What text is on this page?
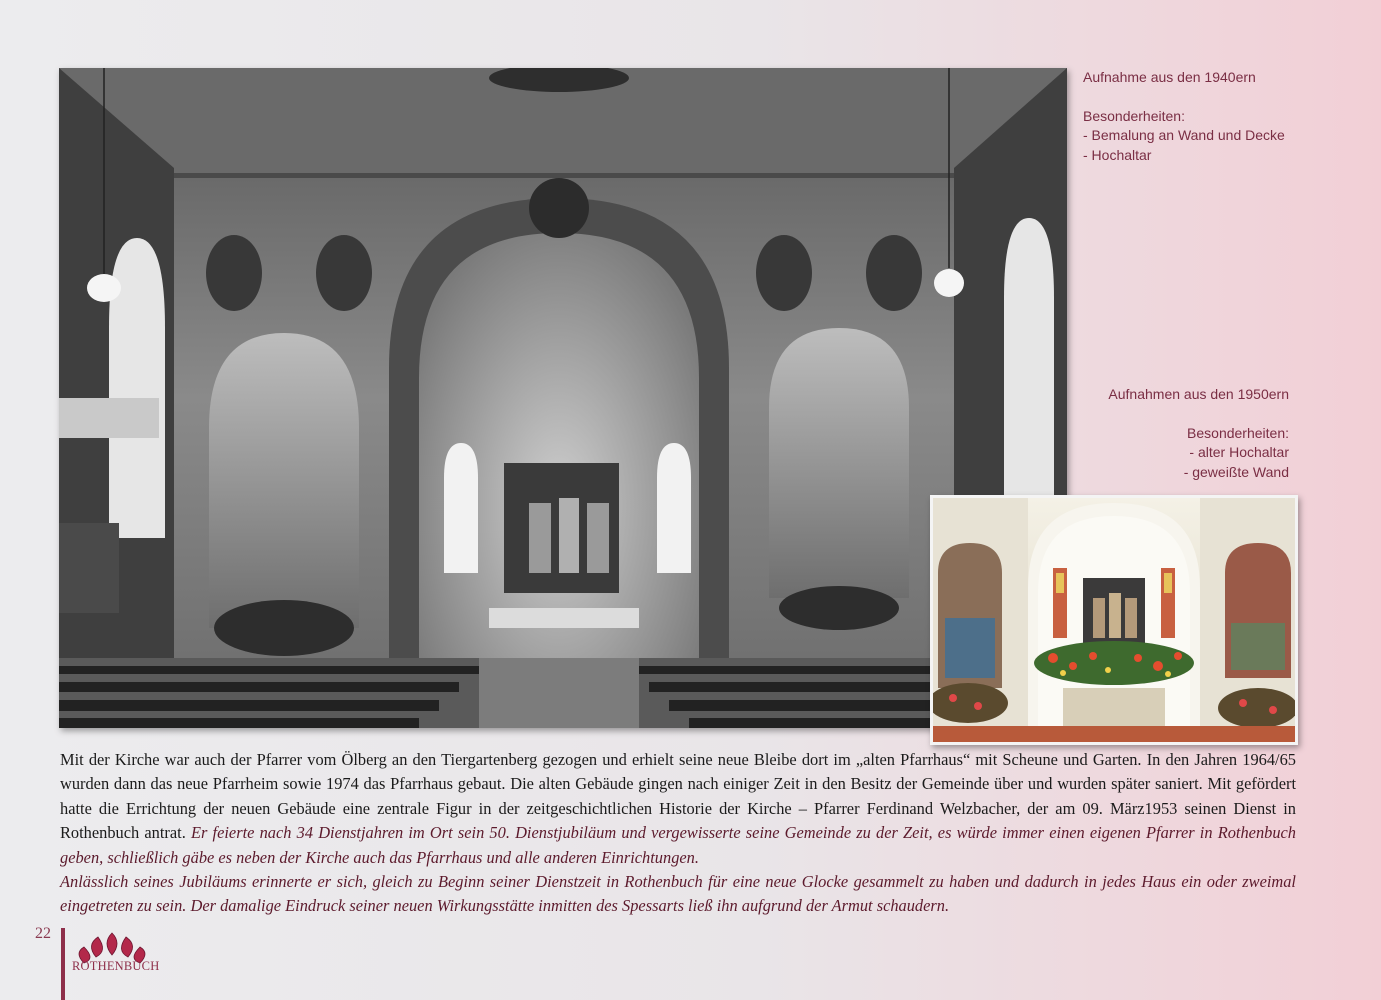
Aufnahme aus den 1940ern
Besonderheiten:
- Bemalung an Wand und Decke
- Hochaltar
Aufnahmen aus den 1950ern
Besonderheiten:
- alter Hochaltar
- geweißte Wand
Mit der Kirche war auch der Pfarrer vom Ölberg an den Tiergartenberg gezogen und erhielt seine neue Bleibe dort im „alten Pfarrhaus“ mit Scheune und Garten. In den Jahren 1964/65 wurden dann das neue Pfarrheim sowie 1974 das Pfarrhaus gebaut. Die alten Gebäude gingen nach einiger Zeit in den Besitz der Gemeinde über und wurden später saniert. Mit gefördert hatte die Errichtung der neuen Gebäude eine zentrale Figur in der zeitgeschichtlichen Historie der Kirche – Pfarrer Ferdinand Welzbacher, der am 09. März1953 seinen Dienst in Rothenbuch antrat. Er feierte nach 34 Dienstjahren im Ort sein 50. Dienstjubiläum und vergewisserte seine Gemeinde zu der Zeit, es würde immer einen eigenen Pfarrer in Rothenbuch geben, schließlich gäbe es neben der Kirche auch das Pfarrhaus und alle anderen Einrichtungen.
Anlässlich seines Jubiläums erinnerte er sich, gleich zu Beginn seiner Dienstzeit in Rothenbuch für eine neue Glocke gesammelt zu haben und dadurch in jedes Haus ein oder zweimal eingetreten zu sein. Der damalige Eindruck seiner neuen Wirkungsstätte inmitten des Spessarts ließ ihn aufgrund der Armut schaudern.
22
ROTHENBUCH
